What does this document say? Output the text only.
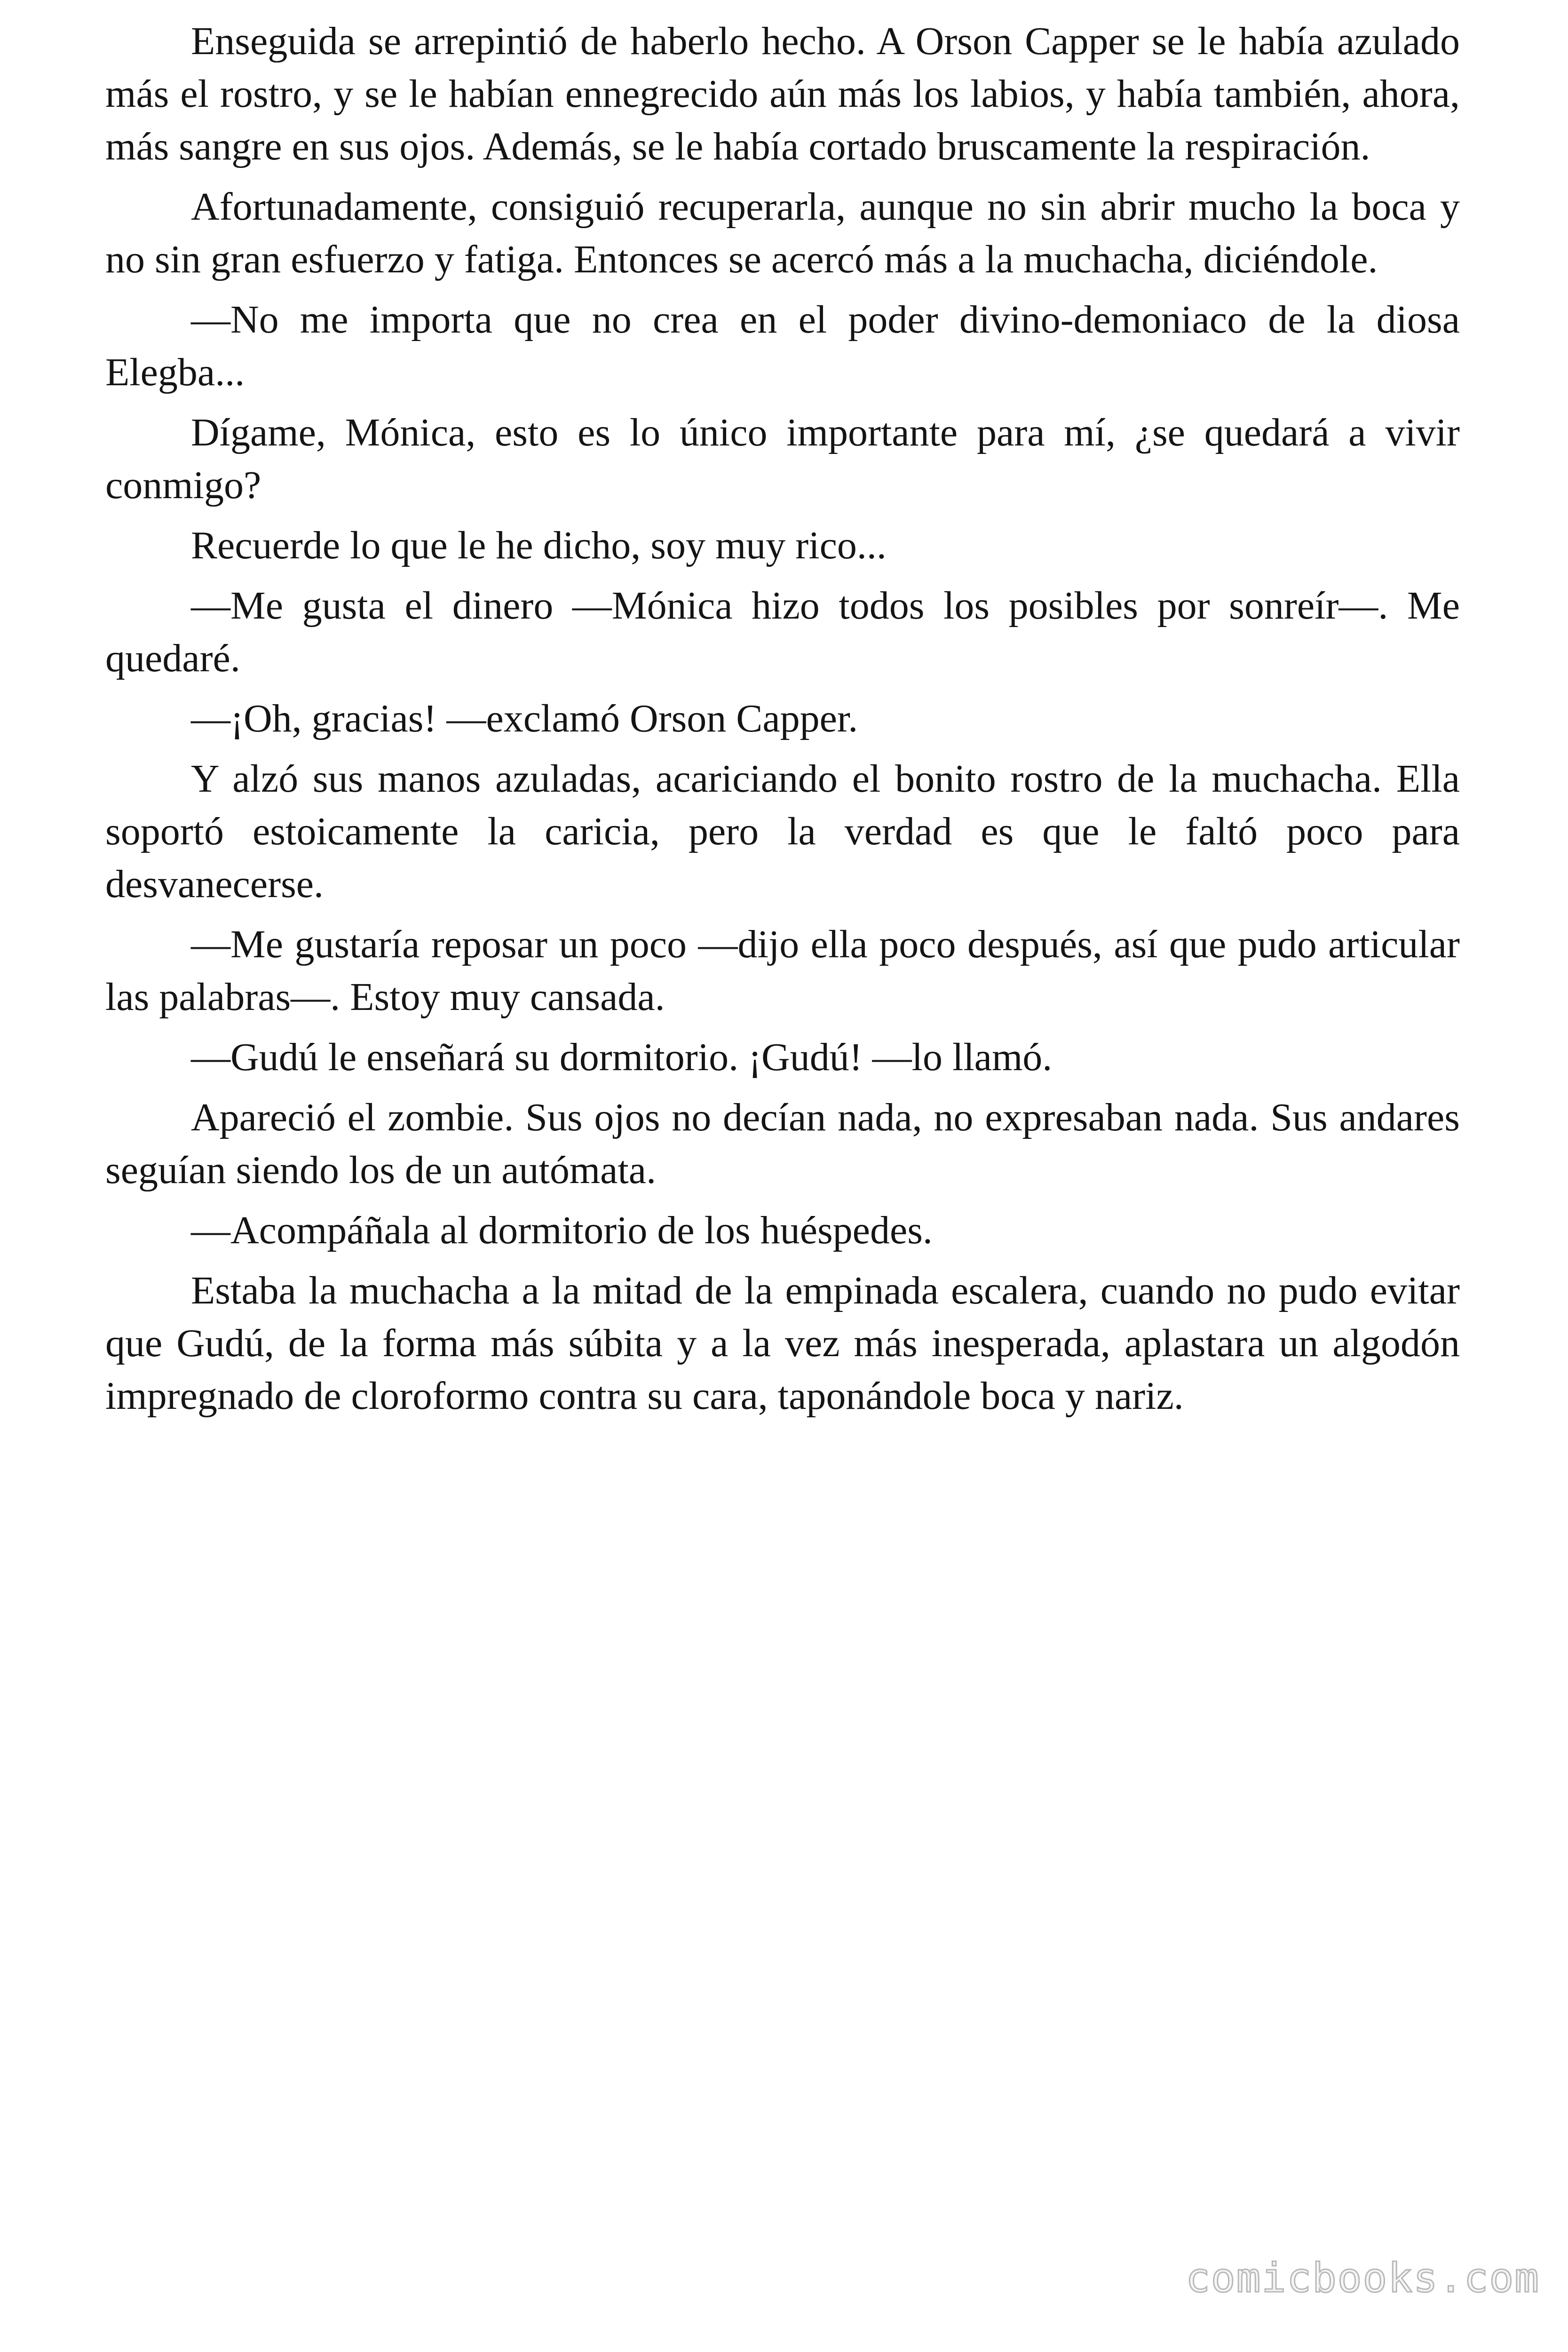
Enseguida se arrepintió de haberlo hecho. A Orson Capper se le había azulado más el rostro, y se le habían ennegrecido aún más los labios, y había también, ahora, más sangre en sus ojos. Además, se le había cortado bruscamente la respiración.

Afortunadamente, consiguió recuperarla, aunque no sin abrir mucho la boca y no sin gran esfuerzo y fatiga. Entonces se acercó más a la muchacha, diciéndole.

—No me importa que no crea en el poder divino-demoniaco de la diosa Elegba...

Dígame, Mónica, esto es lo único importante para mí, ¿se quedará a vivir conmigo?

Recuerde lo que le he dicho, soy muy rico...

—Me gusta el dinero —Mónica hizo todos los posibles por sonreír—. Me quedaré.

—¡Oh, gracias! —exclamó Orson Capper.

Y alzó sus manos azuladas, acariciando el bonito rostro de la muchacha. Ella soportó estoicamente la caricia, pero la verdad es que le faltó poco para desvanecerse.

—Me gustaría reposar un poco —dijo ella poco después, así que pudo articular las palabras—. Estoy muy cansada.

—Gudú le enseñará su dormitorio. ¡Gudú! —lo llamó.

Apareció el zombie. Sus ojos no decían nada, no expresaban nada. Sus andares seguían siendo los de un autómata.

—Acompáñala al dormitorio de los huéspedes.

Estaba la muchacha a la mitad de la empinada escalera, cuando no pudo evitar que Gudú, de la forma más súbita y a la vez más inesperada, aplastara un algodón impregnado de cloroformo contra su cara, taponándole boca y nariz.

comicbooks.com
